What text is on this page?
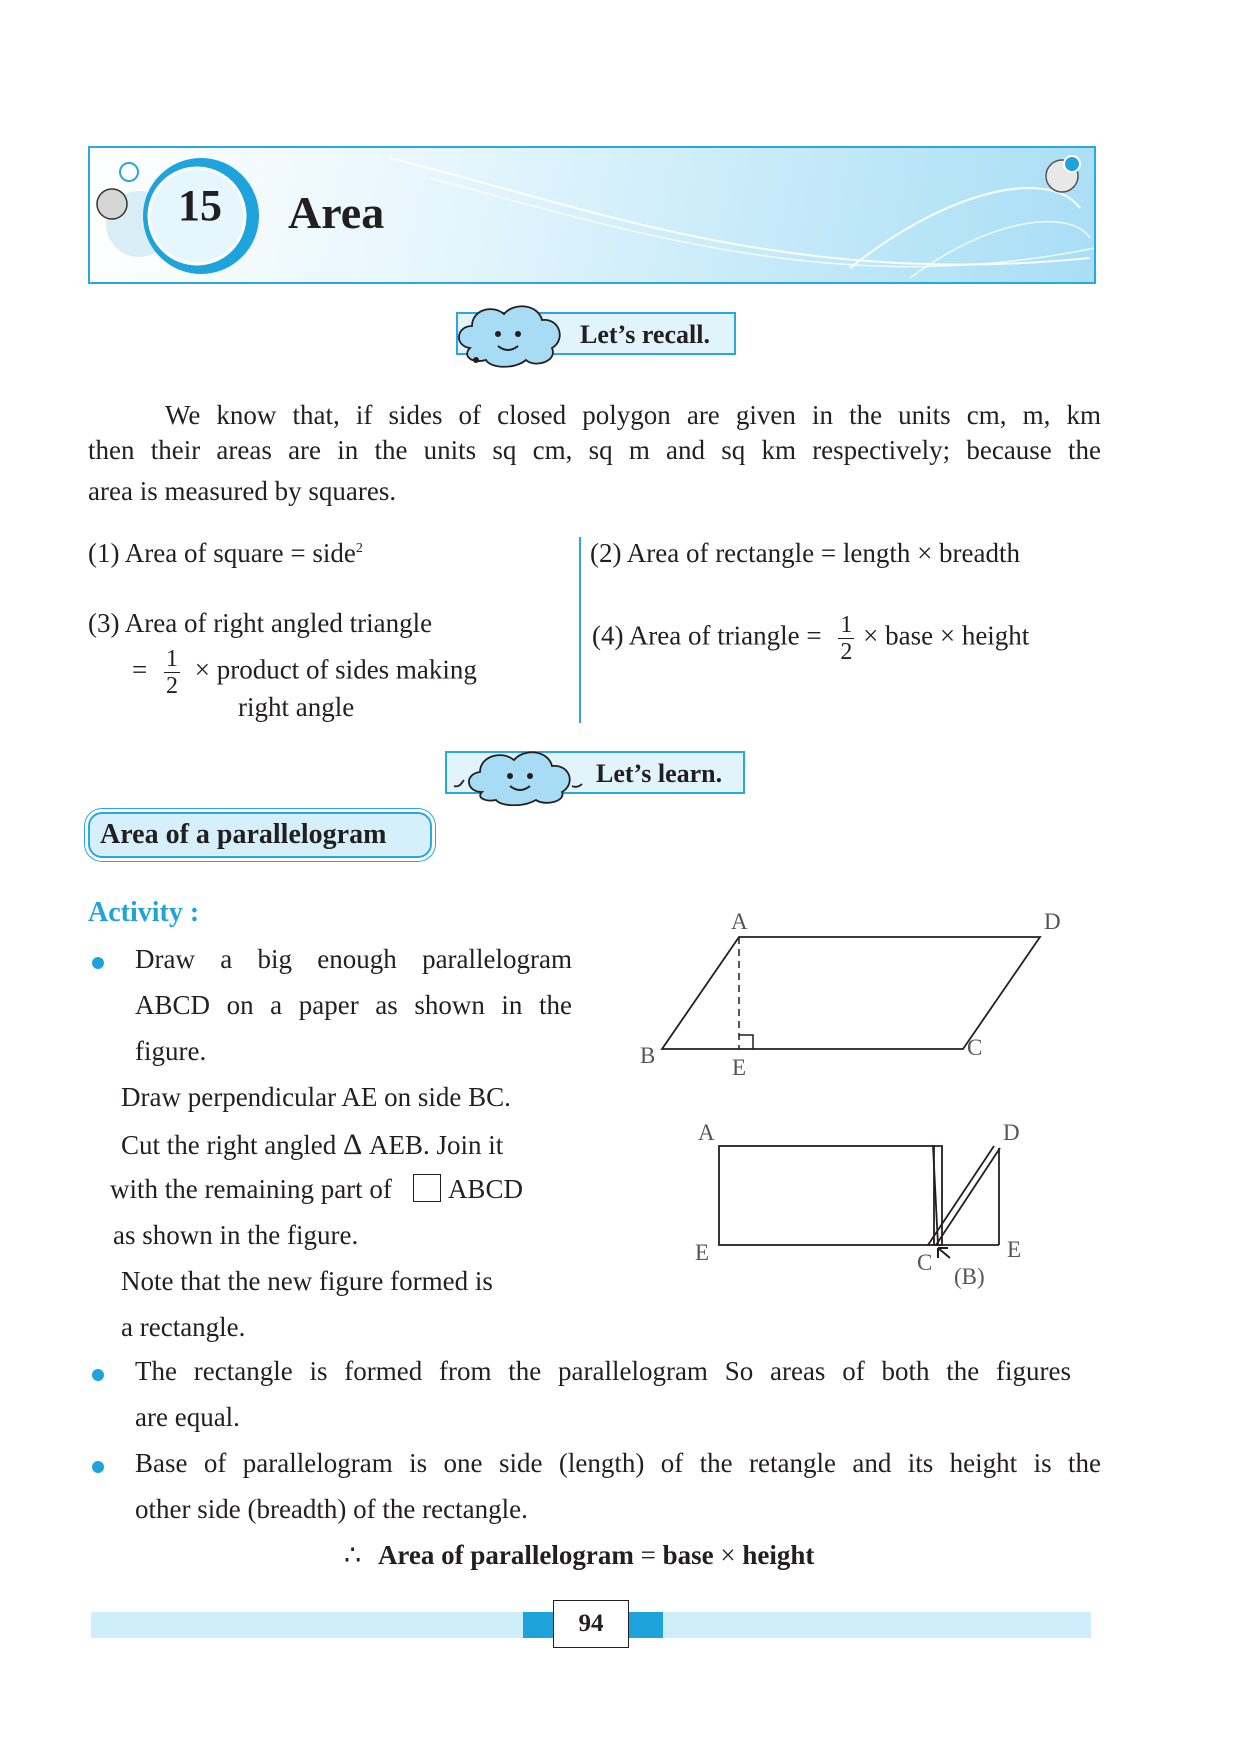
15	Area
Let’s recall.
We know that, if sides of closed polygon are given in the units cm, m, km
then their areas are in the units sq cm, sq m and sq km respectively; because the
area is measured by squares.
(1) Area of square = side$^2$	(2) Area of rectangle = length × breadth
(3) Area of right angled triangle
= $\frac{1}{2}$ × product of sides making
right angle
(4) Area of triangle = $\frac{1}{2}$ × base × height
Let’s learn.
Area of a parallelogram
Activity :
Draw a big enough parallelogram
ABCD on a paper as shown in the
figure.
Draw perpendicular AE on side BC.
Cut the right angled Δ AEB. Join it
with the remaining part of ABCD
as shown in the figure.
Note that the new figure formed is
a rectangle.
The rectangle is formed from the parallelogram So areas of both the figures
are equal.
Base of parallelogram is one side (length) of the retangle and its height is the
other side (breadth) of the rectangle.
∴ Area of parallelogram = base × height
A	D
B	C
E
A	D
E	E
C
(B)
94
